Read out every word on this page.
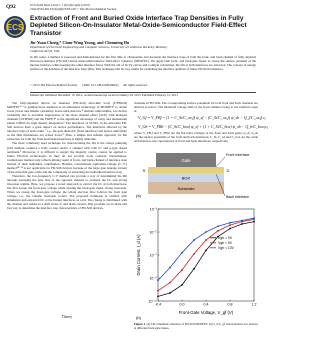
Q92	ECS Solid State Letters, 1 (6) Q92-Q94 (2013)
2162-8742/2013/1(6)/Q92/3/$31.00 © The Electrochemical Society
ECS
Extraction of Front and Buried Oxide Interface Trap Densities in Fully Depleted Silicon-On-Insulator Metal-Oxide-Semiconductor Field-Effect Transistor
Jin-Yuan Cheng,* Chun-Wing Yeung, and Chenming Hu
Department of Electrical Engineering and Computer Sciences, University of California, Berkeley, Berkeley,
California 94720, USA
In this letter, a method is proposed and demonstrated for the first time to characterize and decouple the interface traps of both the front- and back-channel of fully depleted silicon-on-insulator (FD-SOI) metal-oxide-semiconductor field-effect transistor (MOSFET). We apply both front- and back-gate biases to sweep the surface potential of the interest interface while keeping the other interface fixed. With the aid of Id-Vg curves and a simple calculation, the Dit at both interfaces are extracted. The concept of energy profiles of the densities of the interface traps (Dit). This technique will be very useful for evaluating the interface qualities of future FD-SOI transistors.
© 2013 The Electrochemical Society. [DOI: 10.1149/2.006306ssl] All rights reserved.
Manuscript submitted December 13, 2012; revised manuscript received January 28, 2013. Published February 12, 2013

The fully-depleted silicon on insulator (FD-SOI) ultra-thin body (UTBSOI) MOSFET¹⁻³ is gaining more attention as an alternative technology of MOSFET¹ to obtain lower power and smaller variability. In the ultra-thin box,⁴ intrinsic uniformities, low device variability due to excellent suppression of the short channel effect (SCE) with undoped channels (UTBSOI) and the FinFET⁵ is the significant advantage of today and mainstream planar CMOS for high density integration.⁶ The interfaces of Si/SiO₂ in the ultra-thin FD-SOI devices have a great impact on device performance. The interfaces affected by the interface traps of both oxide, ⁷ i.e., the gate dielectric (front interface) and device uniformity as the film thicknesses are scaled down.⁸ Thus, a simple and reliable approach for Dit extraction for both the front and buried interfaces is highly desirable.

The most commonly used technique for characterizing the Dit is the charge pumping (CP) method, requires a body contact and/or a channel with both n+ and p-type doped terminals.⁹ Moreover, it is difficult to supply the majority carrier, cannot be applied to future FD-SOI technologies as they do not provide body contacts. Nevertheless, conductance method only reflects mixing result of front- and back-channel of interface state instead of their individual contribution. Besides, conventional equivalent-voltage (Cᵢ-Vᵢ) method¹⁰⁻¹¹ is not applicable for FD-SOI devices because of the large gate leakage current of the ultra-thin gate oxide and the complexity of extracting the individual interface trap.

Therefore, the low-frequency C-V method can provide a way of determining the Dit through sweeping the gate bias of the opposite channel to evaluate the Dᵢₜ and strong inversion regime. Here, we propose a novel approach to extract the Dᵢₜ at both interfaces. We first sweep the front-gate voltage while biasing the back-gate under strong inversion. When we sweep the front-gate voltage, the whole electron flow follows the front gate voltage, i.e., the volume inversion occurs. The proposed technique is verified with simulation and extracted Dᵢₜ at the buried interfaces as well. The charge is distributed with the channel and results in a shift in the Vᵢ and drain current. This provides an accurate and fast way to determine the interface trap characteristics of FD-SOI devices.

Theory

channels in FD-SOI. The corresponding surface potentials for both front and back channels are derived as below. The threshold voltage shift of the front channel owing to the interface traps is:

V_Gf = V_FBf + (1 + C_Si/C_ox,f) ψ_sf − (C_Si/C_ox,f) ψ_sb − Q_f/C_ox,f [1]
V_Gb = V_FBb − (C_Si/C_box) ψ_sf + (1 + C_Si/C_box) ψ_sb − Q_b/C_box [2]

where V_FB,f and V_FB,b are the flat band voltages of the front and back gates; ψ_sf, ψ_sb are the surface potentials of the front and back interfaces; C_Si, C_ox and C_box are the oxide and interface trap capacitances of front and back interfaces, respectively.

Gate
S	D
BOX
Substrate
Front Interface
Back Interface
(a)
10⁻³
10⁻⁵
10⁻⁷
10⁻⁹
10⁻¹¹
-0.4	0.0	0.4	0.8	1.2
Vgb = 0V
Vgb = 5V
Vgb = 10V
Drain Current, I_d (A)
Front-Gate Voltage, V_gf (V)
(b)
Figure 1. (a) The schematic structure of FD-SOI MOSFET. (b) I_d-V_gf characteristics for devices at different back-gate biases.
